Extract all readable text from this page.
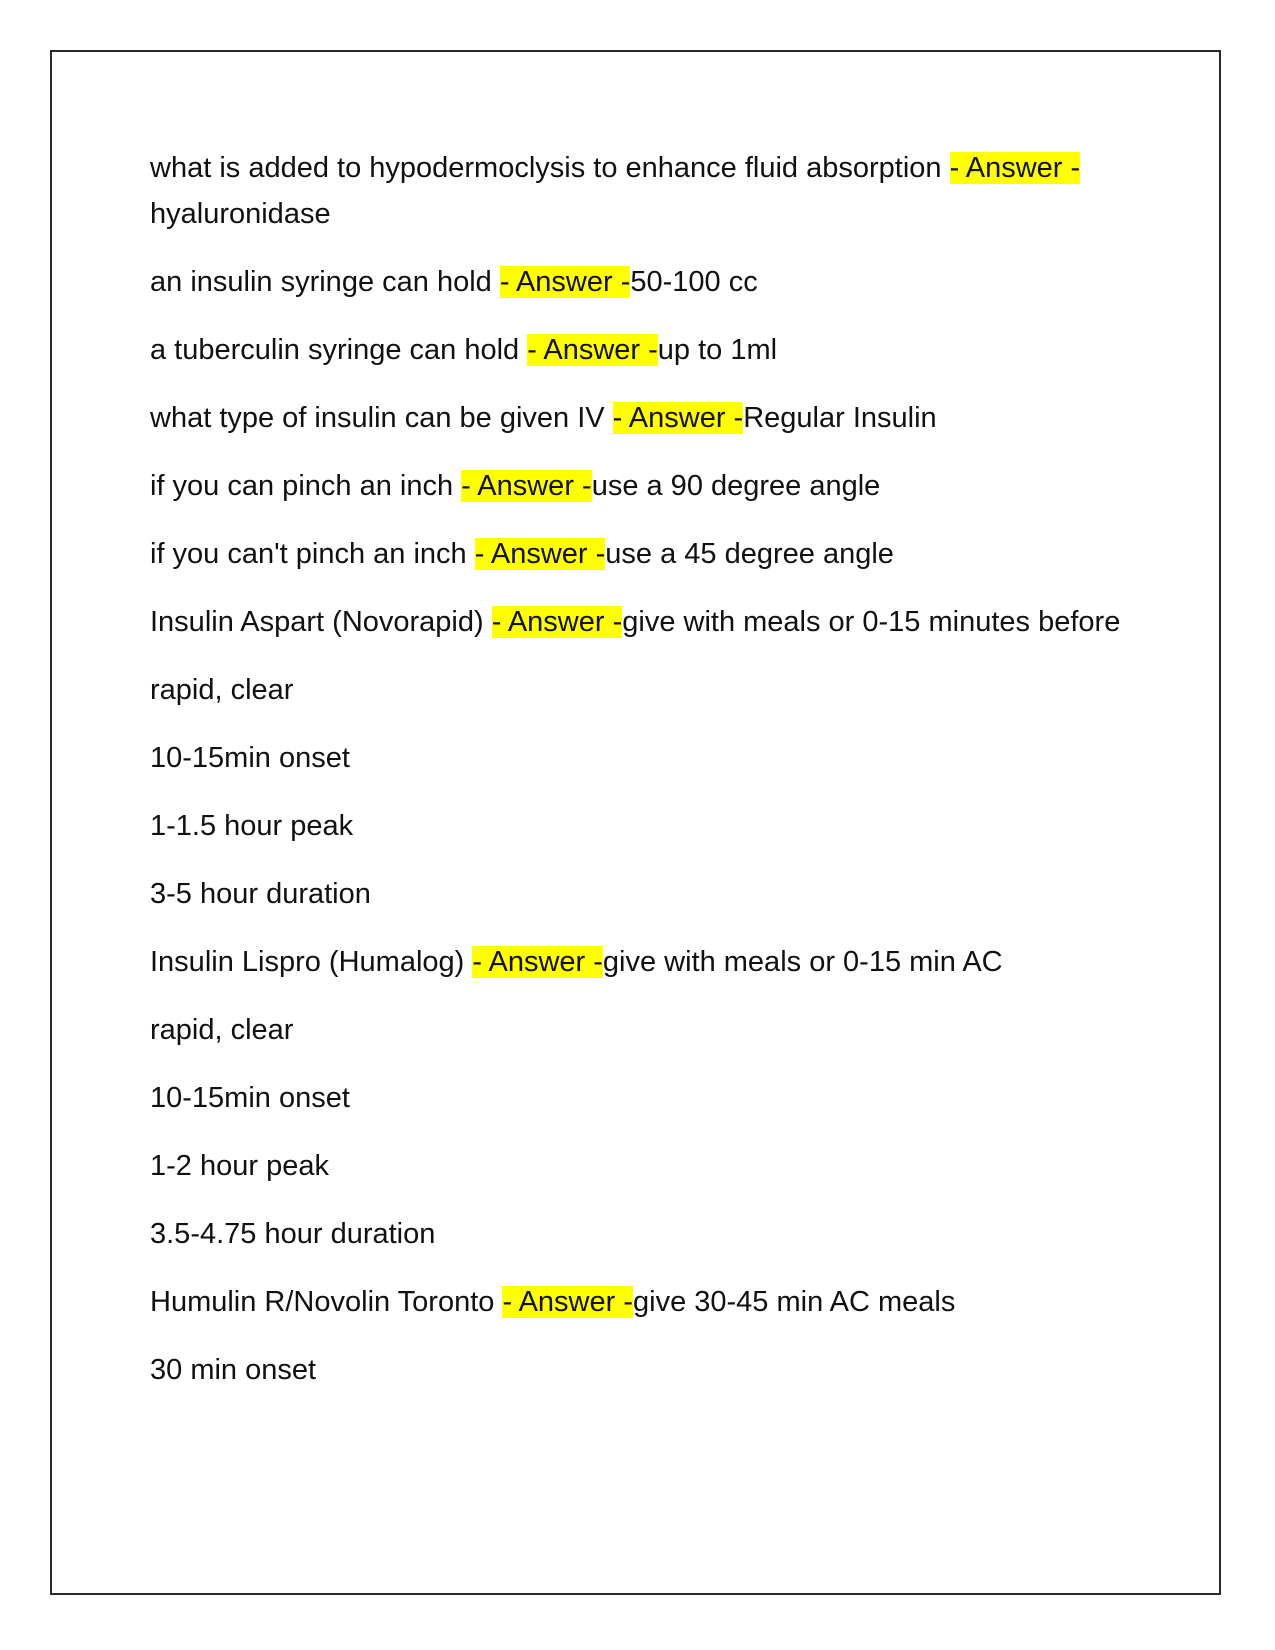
what is added to hypodermoclysis to enhance fluid absorption - Answer -hyaluronidase

an insulin syringe can hold - Answer -50-100 cc

a tuberculin syringe can hold - Answer -up to 1ml

what type of insulin can be given IV - Answer -Regular Insulin

if you can pinch an inch - Answer -use a 90 degree angle

if you can't pinch an inch - Answer -use a 45 degree angle

Insulin Aspart (Novorapid) - Answer -give with meals or 0-15 minutes before

rapid, clear

10-15min onset

1-1.5 hour peak

3-5 hour duration

Insulin Lispro (Humalog) - Answer -give with meals or 0-15 min AC

rapid, clear

10-15min onset

1-2 hour peak

3.5-4.75 hour duration

Humulin R/Novolin Toronto - Answer -give 30-45 min AC meals

30 min onset
